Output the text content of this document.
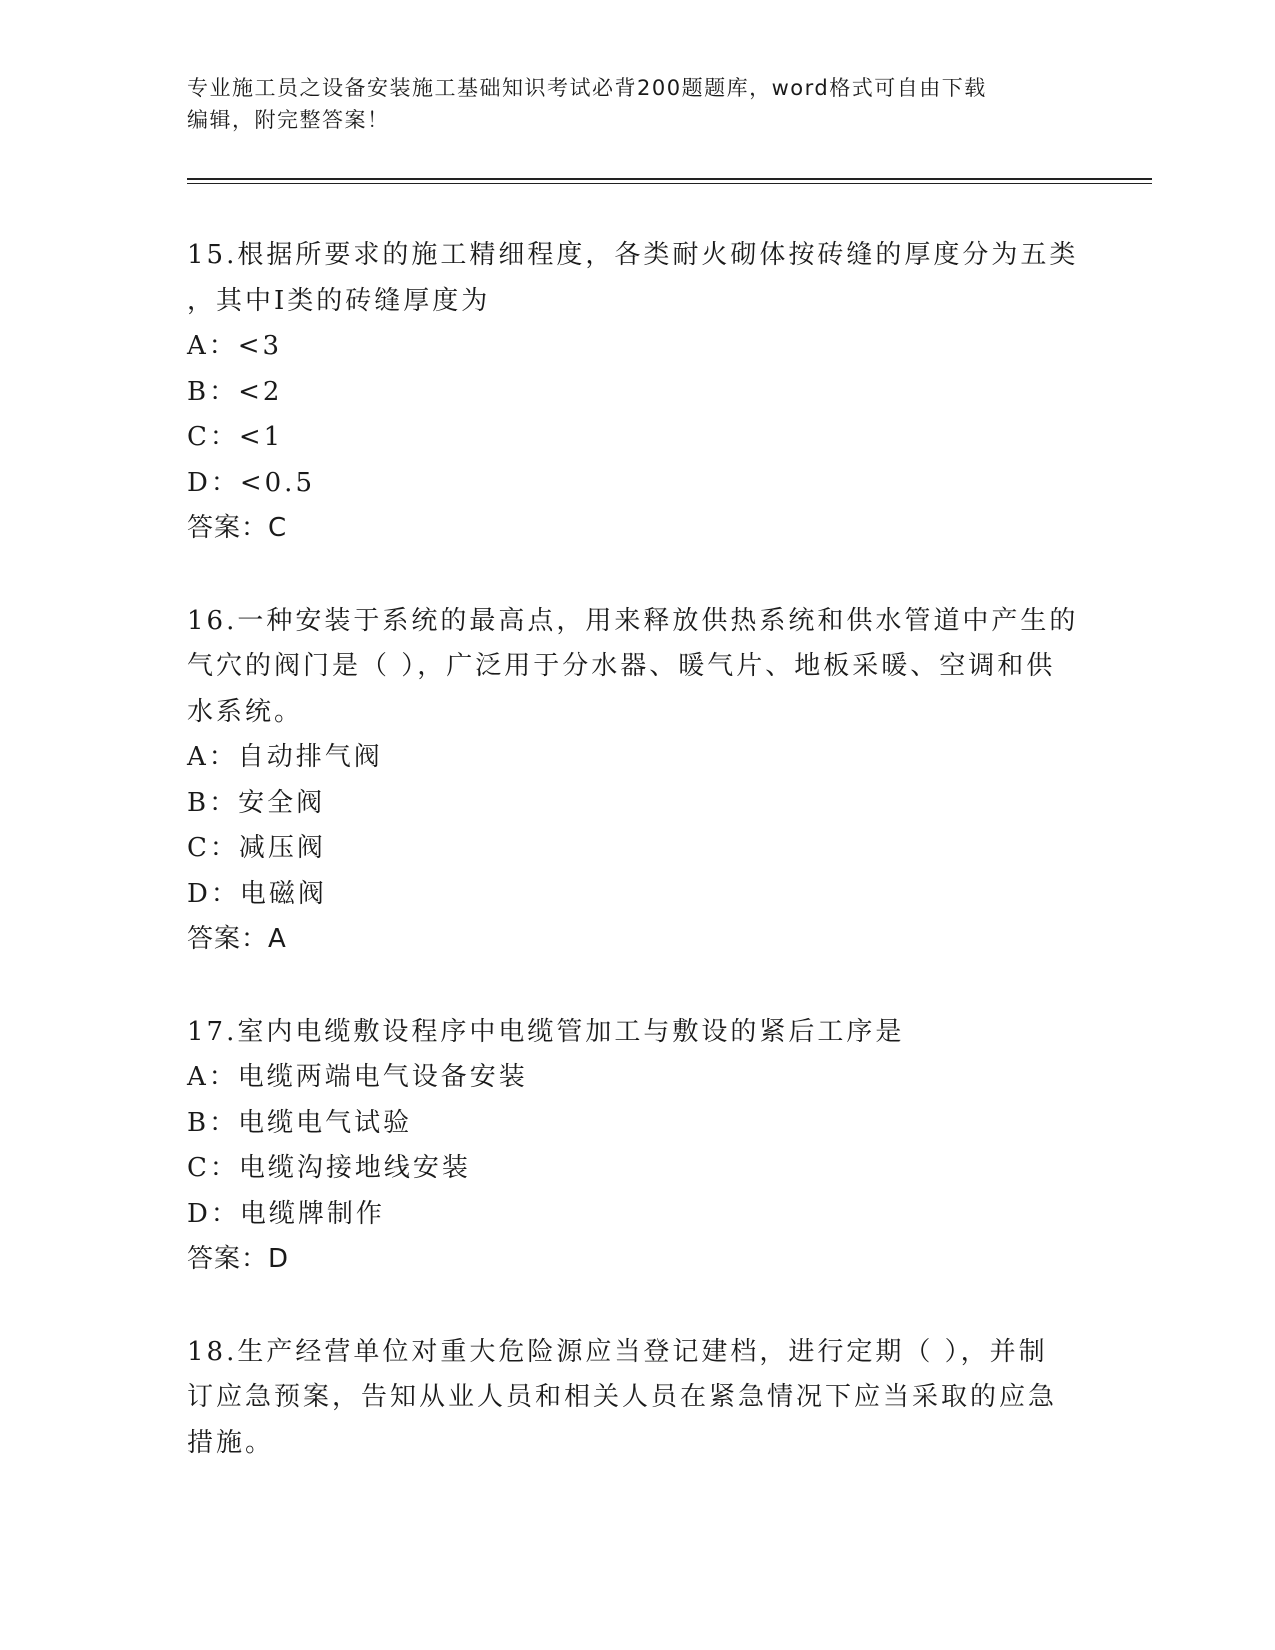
专业施工员之设备安装施工基础知识考试必背200题题库，word格式可自由下载
编辑，附完整答案！
15.根据所要求的施工精细程度，各类耐火砌体按砖缝的厚度分为五类
，其中Ⅰ类的砖缝厚度为
A：<3
B：<2
C：<1
D：<0.5
答案：C
16.一种安装于系统的最高点，用来释放供热系统和供水管道中产生的
气穴的阀门是（ ），广泛用于分水器、暖气片、地板采暖、空调和供
水系统。
A：自动排气阀
B：安全阀
C：减压阀
D：电磁阀
答案：A
17.室内电缆敷设程序中电缆管加工与敷设的紧后工序是
A：电缆两端电气设备安装
B：电缆电气试验
C：电缆沟接地线安装
D：电缆牌制作
答案：D
18.生产经营单位对重大危险源应当登记建档，进行定期（ ），并制
订应急预案，告知从业人员和相关人员在紧急情况下应当采取的应急
措施。
